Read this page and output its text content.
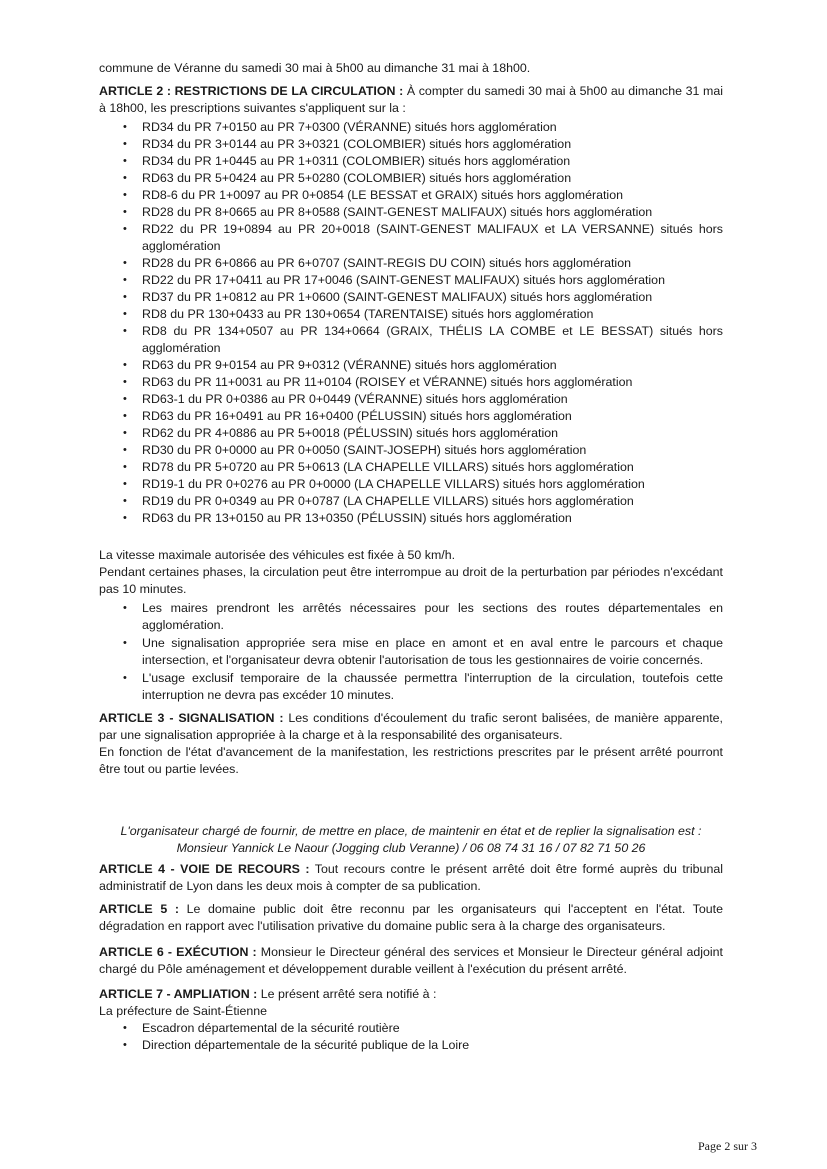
commune de Véranne du samedi 30 mai à 5h00 au dimanche 31 mai à 18h00.

ARTICLE 2 : RESTRICTIONS DE LA CIRCULATION : À compter du samedi 30 mai à 5h00 au dimanche 31 mai à 18h00, les prescriptions suivantes s'appliquent sur la :

• RD34 du PR 7+0150 au PR 7+0300 (VÉRANNE) situés hors agglomération
• RD34 du PR 3+0144 au PR 3+0321 (COLOMBIER) situés hors agglomération
• RD34 du PR 1+0445 au PR 1+0311 (COLOMBIER) situés hors agglomération
• RD63 du PR 5+0424 au PR 5+0280 (COLOMBIER) situés hors agglomération
• RD8-6 du PR 1+0097 au PR 0+0854 (LE BESSAT et GRAIX) situés hors agglomération
• RD28 du PR 8+0665 au PR 8+0588 (SAINT-GENEST MALIFAUX) situés hors agglomération
• RD22 du PR 19+0894 au PR 20+0018 (SAINT-GENEST MALIFAUX et LA VERSANNE) situés hors agglomération
• RD28 du PR 6+0866 au PR 6+0707 (SAINT-REGIS DU COIN) situés hors agglomération
• RD22 du PR 17+0411 au PR 17+0046 (SAINT-GENEST MALIFAUX) situés hors agglomération
• RD37 du PR 1+0812 au PR 1+0600 (SAINT-GENEST MALIFAUX) situés hors agglomération
• RD8 du PR 130+0433 au PR 130+0654 (TARENTAISE) situés hors agglomération
• RD8 du PR 134+0507 au PR 134+0664 (GRAIX, THÉLIS LA COMBE et LE BESSAT) situés hors agglomération
• RD63 du PR 9+0154 au PR 9+0312 (VÉRANNE) situés hors agglomération
• RD63 du PR 11+0031 au PR 11+0104 (ROISEY et VÉRANNE) situés hors agglomération
• RD63-1 du PR 0+0386 au PR 0+0449 (VÉRANNE) situés hors agglomération
• RD63 du PR 16+0491 au PR 16+0400 (PÉLUSSIN) situés hors agglomération
• RD62 du PR 4+0886 au PR 5+0018 (PÉLUSSIN) situés hors agglomération
• RD30 du PR 0+0000 au PR 0+0050 (SAINT-JOSEPH) situés hors agglomération
• RD78 du PR 5+0720 au PR 5+0613 (LA CHAPELLE VILLARS) situés hors agglomération
• RD19-1 du PR 0+0276 au PR 0+0000 (LA CHAPELLE VILLARS) situés hors agglomération
• RD19 du PR 0+0349 au PR 0+0787 (LA CHAPELLE VILLARS) situés hors agglomération
• RD63 du PR 13+0150 au PR 13+0350 (PÉLUSSIN) situés hors agglomération

La vitesse maximale autorisée des véhicules est fixée à 50 km/h.

Pendant certaines phases, la circulation peut être interrompue au droit de la perturbation par périodes n'excédant pas 10 minutes.

• Les maires prendront les arrêtés nécessaires pour les sections des routes départementales en agglomération.
• Une signalisation appropriée sera mise en place en amont et en aval entre le parcours et chaque intersection, et l'organisateur devra obtenir l'autorisation de tous les gestionnaires de voirie concernés.
• L'usage exclusif temporaire de la chaussée permettra l'interruption de la circulation, toutefois cette interruption ne devra pas excéder 10 minutes.

ARTICLE 3 - SIGNALISATION : Les conditions d'écoulement du trafic seront balisées, de manière apparente, par une signalisation appropriée à la charge et à la responsabilité des organisateurs.

En fonction de l'état d'avancement de la manifestation, les restrictions prescrites par le présent arrêté pourront être tout ou partie levées.

L'organisateur chargé de fournir, de mettre en place, de maintenir en état et de replier la signalisation est :
Monsieur Yannick Le Naour (Jogging club Veranne) / 06 08 74 31 16 / 07 82 71 50 26

ARTICLE 4 - VOIE DE RECOURS : Tout recours contre le présent arrêté doit être formé auprès du tribunal administratif de Lyon dans les deux mois à compter de sa publication.

ARTICLE 5 : Le domaine public doit être reconnu par les organisateurs qui l'acceptent en l'état. Toute dégradation en rapport avec l'utilisation privative du domaine public sera à la charge des organisateurs.

ARTICLE 6 - EXÉCUTION : Monsieur le Directeur général des services et Monsieur le Directeur général adjoint chargé du Pôle aménagement et développement durable veillent à l'exécution du présent arrêté.

ARTICLE 7 - AMPLIATION : Le présent arrêté sera notifié à :

La préfecture de Saint-Étienne

• Escadron départemental de la sécurité routière
• Direction départementale de la sécurité publique de la Loire
Page 2 sur 3
